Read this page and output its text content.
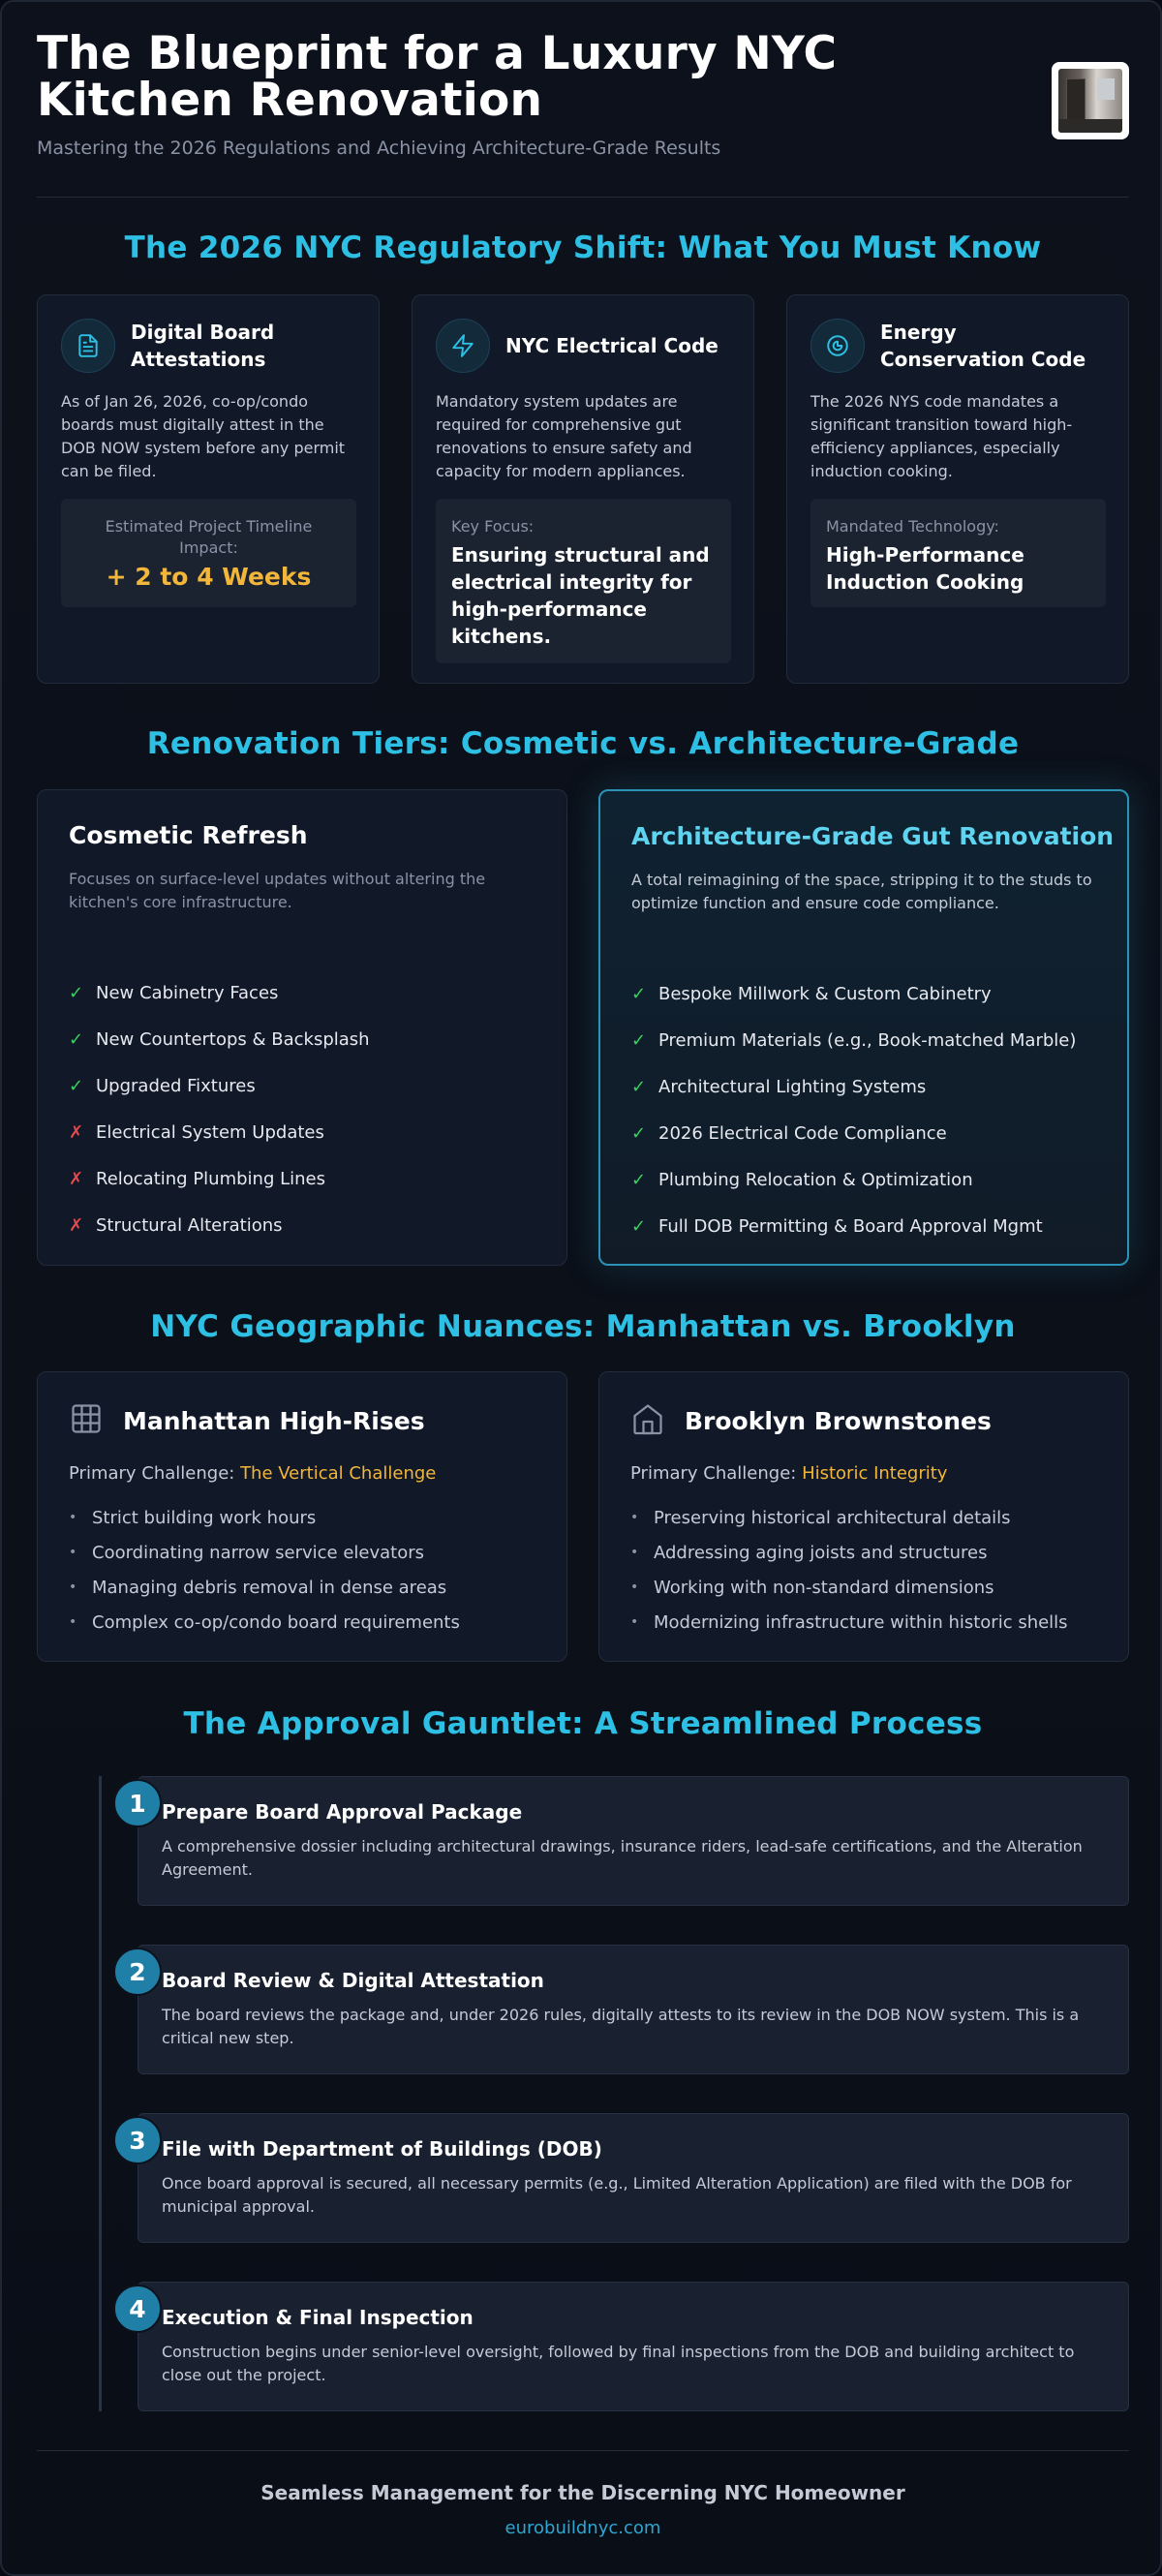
The Blueprint for a Luxury NYC Kitchen Renovation
Mastering the 2026 Regulations and Achieving Architecture-Grade Results
The 2026 NYC Regulatory Shift: What You Must Know
Digital Board Attestations
As of Jan 26, 2026, co-op/condo boards must digitally attest in the DOB NOW system before any permit can be filed.
Estimated Project Timeline Impact:
+ 2 to 4 Weeks
NYC Electrical Code
Mandatory system updates are required for comprehensive gut renovations to ensure safety and capacity for modern appliances.
Key Focus:
Ensuring structural and electrical integrity for high-performance kitchens.
Energy Conservation Code
The 2026 NYS code mandates a significant transition toward high-efficiency appliances, especially induction cooking.
Mandated Technology:
High-Performance Induction Cooking
Renovation Tiers: Cosmetic vs. Architecture-Grade
Cosmetic Refresh
Focuses on surface-level updates without altering the kitchen's core infrastructure.
✓ New Cabinetry Faces
✓ New Countertops & Backsplash
✓ Upgraded Fixtures
✗ Electrical System Updates
✗ Relocating Plumbing Lines
✗ Structural Alterations
Architecture-Grade Gut Renovation
A total reimagining of the space, stripping it to the studs to optimize function and ensure code compliance.
✓ Bespoke Millwork & Custom Cabinetry
✓ Premium Materials (e.g., Book-matched Marble)
✓ Architectural Lighting Systems
✓ 2026 Electrical Code Compliance
✓ Plumbing Relocation & Optimization
✓ Full DOB Permitting & Board Approval Mgmt
NYC Geographic Nuances: Manhattan vs. Brooklyn
Manhattan High-Rises
Primary Challenge: The Vertical Challenge
• Strict building work hours
• Coordinating narrow service elevators
• Managing debris removal in dense areas
• Complex co-op/condo board requirements
Brooklyn Brownstones
Primary Challenge: Historic Integrity
• Preserving historical architectural details
• Addressing aging joists and structures
• Working with non-standard dimensions
• Modernizing infrastructure within historic shells
The Approval Gauntlet: A Streamlined Process
Prepare Board Approval Package
A comprehensive dossier including architectural drawings, insurance riders, lead-safe certifications, and the Alteration Agreement.
1
Board Review & Digital Attestation
The board reviews the package and, under 2026 rules, digitally attests to its review in the DOB NOW system. This is a critical new step.
2
File with Department of Buildings (DOB)
Once board approval is secured, all necessary permits (e.g., Limited Alteration Application) are filed with the DOB for municipal approval.
3
Execution & Final Inspection
Construction begins under senior-level oversight, followed by final inspections from the DOB and building architect to close out the project.
4
Seamless Management for the Discerning NYC Homeowner
eurobuildnyc.com
